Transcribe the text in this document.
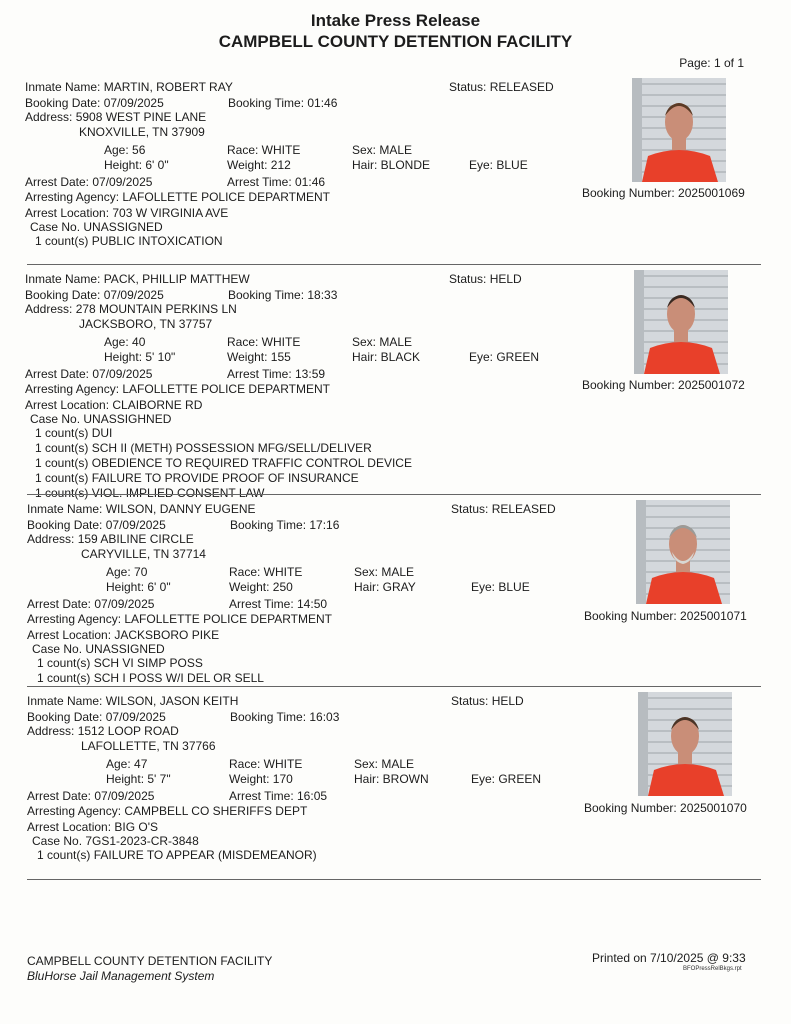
Intake Press Release
CAMPBELL COUNTY DETENTION FACILITY
Page: 1 of 1
Inmate Name: MARTIN, ROBERT RAY	Status: RELEASED
Booking Date: 07/09/2025	Booking Time: 01:46
Address: 5908 WEST PINE LANE
KNOXVILLE, TN 37909
Age: 56	Race: WHITE	Sex: MALE
Height: 6' 0"	Weight: 212	Hair: BLONDE	Eye: BLUE
Arrest Date: 07/09/2025	Arrest Time: 01:46
Arresting Agency: LAFOLLETTE POLICE DEPARTMENT
Arrest Location: 703 W VIRGINIA AVE
Case No. UNASSIGNED
1 count(s) PUBLIC INTOXICATION
Booking Number: 2025001069
Inmate Name: PACK, PHILLIP MATTHEW	Status: HELD
Booking Date: 07/09/2025	Booking Time: 18:33
Address: 278 MOUNTAIN PERKINS LN
JACKSBORO, TN 37757
Age: 40	Race: WHITE	Sex: MALE
Height: 5' 10"	Weight: 155	Hair: BLACK	Eye: GREEN
Arrest Date: 07/09/2025	Arrest Time: 13:59
Arresting Agency: LAFOLLETTE POLICE DEPARTMENT
Arrest Location: CLAIBORNE RD
Case No. UNASSIGHNED
1 count(s) DUI
1 count(s) SCH II (METH) POSSESSION MFG/SELL/DELIVER
1 count(s) OBEDIENCE TO REQUIRED TRAFFIC CONTROL DEVICE
1 count(s) FAILURE TO PROVIDE PROOF OF INSURANCE
1 count(s) VIOL. IMPLIED CONSENT LAW
Booking Number: 2025001072
Inmate Name: WILSON, DANNY EUGENE	Status: RELEASED
Booking Date: 07/09/2025	Booking Time: 17:16
Address: 159 ABILINE CIRCLE
CARYVILLE, TN 37714
Age: 70	Race: WHITE	Sex: MALE
Height: 6' 0"	Weight: 250	Hair: GRAY	Eye: BLUE
Arrest Date: 07/09/2025	Arrest Time: 14:50
Arresting Agency: LAFOLLETTE POLICE DEPARTMENT
Arrest Location: JACKSBORO PIKE
Case No. UNASSIGNED
1 count(s) SCH VI SIMP POSS
1 count(s) SCH I POSS W/I DEL OR SELL
Booking Number: 2025001071
Inmate Name: WILSON, JASON KEITH	Status: HELD
Booking Date: 07/09/2025	Booking Time: 16:03
Address: 1512 LOOP ROAD
LAFOLLETTE, TN 37766
Age: 47	Race: WHITE	Sex: MALE
Height: 5' 7"	Weight: 170	Hair: BROWN	Eye: GREEN
Arrest Date: 07/09/2025	Arrest Time: 16:05
Arresting Agency: CAMPBELL CO SHERIFFS DEPT
Arrest Location: BIG O'S
Case No. 7GS1-2023-CR-3848
1 count(s) FAILURE TO APPEAR (MISDEMEANOR)
Booking Number: 2025001070
CAMPBELL COUNTY DETENTION FACILITY
BluHorse Jail Management System
Printed on 7/10/2025 @ 9:33
BFOPressRelBkgs.rpt
